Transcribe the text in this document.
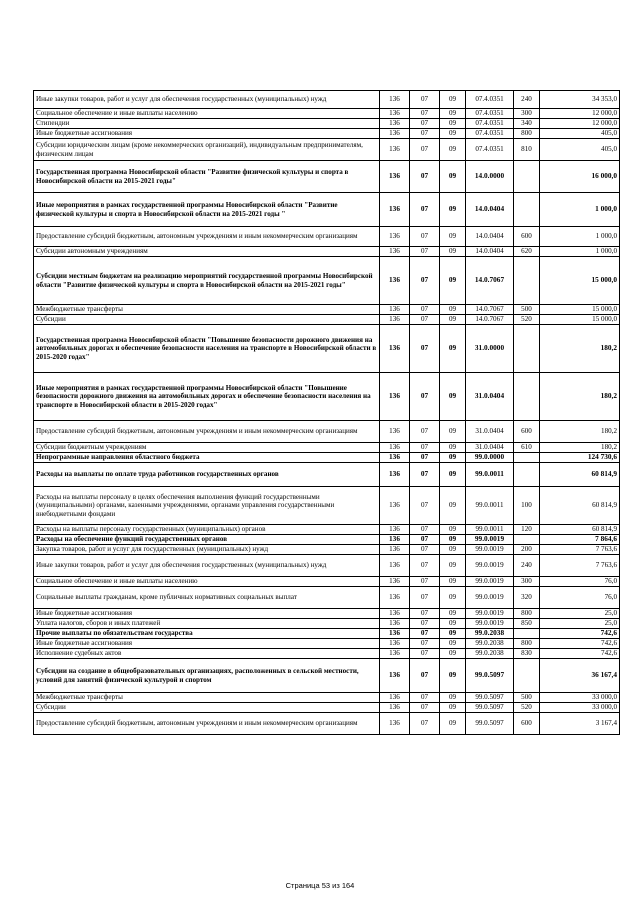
Иные закупки товаров, работ и услуг для обеспечения государственных (муниципальных) нужд	136	07	09	07.4.0351	240	34 353,0
Социальное обеспечение и иные выплаты населению	136	07	09	07.4.0351	300	12 000,0
Стипендии	136	07	09	07.4.0351	340	12 000,0
Иные бюджетные ассигнования	136	07	09	07.4.0351	800	405,0
Субсидии юридическим лицам (кроме некоммерческих организаций), индивидуальным предпринимателям, физическим лицам	136	07	09	07.4.0351	810	405,0
Государственная программа Новосибирской области "Развитие физической культуры и спорта в Новосибирской области на 2015-2021 годы"	136	07	09	14.0.0000		16 000,0
Иные мероприятия в рамках государственной программы Новосибирской области "Развитие физической культуры и спорта в Новосибирской области на 2015-2021 годы "	136	07	09	14.0.0404		1 000,0
Предоставление субсидий бюджетным, автономным учреждениям и иным некоммерческим организациям	136	07	09	14.0.0404	600	1 000,0
Субсидии автономным учреждениям	136	07	09	14.0.0404	620	1 000,0
Субсидии местным бюджетам на реализацию мероприятий государственной программы Новосибирской области "Развитие физической культуры и спорта в Новосибирской области на 2015-2021 годы"	136	07	09	14.0.7067		15 000,0
Межбюджетные трансферты	136	07	09	14.0.7067	500	15 000,0
Субсидии	136	07	09	14.0.7067	520	15 000,0
Государственная программа Новосибирской области "Повышение безопасности дорожного движения на автомобильных дорогах и обеспечение безопасности населения на транспорте в Новосибирской области в 2015-2020 годах"	136	07	09	31.0.0000		180,2
Иные мероприятия в рамках государственной программы Новосибирской области "Повышение безопасности дорожного движения на автомобильных дорогах и обеспечение безопасности населения на транспорте в Новосибирской области в 2015-2020 годах"	136	07	09	31.0.0404		180,2
Предоставление субсидий бюджетным, автономным учреждениям и иным некоммерческим организациям	136	07	09	31.0.0404	600	180,2
Субсидии бюджетным учреждениям	136	07	09	31.0.0404	610	180,2
Непрограммные направления областного бюджета	136	07	09	99.0.0000		124 730,6
Расходы на выплаты по оплате труда работников государственных органов	136	07	09	99.0.0011		60 814,9
Расходы на выплаты персоналу в целях обеспечения выполнения функций государственными (муниципальными) органами, казенными учреждениями, органами управления государственными внебюджетными фондами	136	07	09	99.0.0011	100	60 814,9
Расходы на выплаты персоналу государственных (муниципальных) органов	136	07	09	99.0.0011	120	60 814,9
Расходы на обеспечение функций государственных органов	136	07	09	99.0.0019		7 864,6
Закупка товаров, работ и услуг для государственных (муниципальных) нужд	136	07	09	99.0.0019	200	7 763,6
Иные закупки товаров, работ и услуг для обеспечения государственных (муниципальных) нужд	136	07	09	99.0.0019	240	7 763,6
Социальное обеспечение и иные выплаты населению	136	07	09	99.0.0019	300	76,0
Социальные выплаты гражданам, кроме публичных нормативных социальных выплат	136	07	09	99.0.0019	320	76,0
Иные бюджетные ассигнования	136	07	09	99.0.0019	800	25,0
Уплата налогов, сборов и иных платежей	136	07	09	99.0.0019	850	25,0
Прочие выплаты по обязательствам государства	136	07	09	99.0.2038		742,6
Иные бюджетные ассигнования	136	07	09	99.0.2038	800	742,6
Исполнение судебных актов	136	07	09	99.0.2038	830	742,6
Субсидии на создание в общеобразовательных организациях, расположенных в сельской местности, условий для занятий физической культурой и спортом	136	07	09	99.0.5097		36 167,4
Межбюджетные трансферты	136	07	09	99.0.5097	500	33 000,0
Субсидии	136	07	09	99.0.5097	520	33 000,0
Предоставление субсидий бюджетным, автономным учреждениям и иным некоммерческим организациям	136	07	09	99.0.5097	600	3 167,4
Страница 53 из 164
